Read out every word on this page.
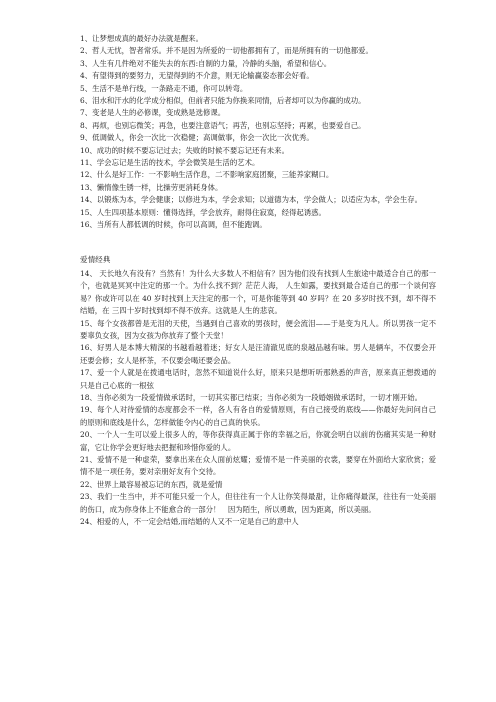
1、让梦想成真的最好办法就是醒来。

2、哲人无忧，智者常乐。并不是因为所爱的一切他都拥有了，而是所拥有的一切他都爱。

3、人生有几件绝对不能失去的东西:自制的力量，冷静的头脑，希望和信心。

4、有望得到的要努力，无望得到的不介意，则无论输赢姿态都会好看。

5、生活不是单行线，一条路走不通，你可以转弯。

6、泪水和汗水的化学成分相似，但前者只能为你换来同情，后者却可以为你赢的成功。

7、变老是人生的必修课，变成熟是选修课。

8、再烦，也别忘微笑；再急，也要注意语气；再苦，也别忘坚持；再累，也要爱自己。

9、低调做人，你会一次比一次稳健；高调做事，你会一次比一次优秀。

10、成功的时候不要忘记过去；失败的时候不要忘记还有未来。

11、学会忘记是生活的技术，学会微笑是生活的艺术。

12、什么是好工作：一不影响生活作息，二不影响家庭团聚，三能养家糊口。

13、懒惰像生锈一样，比操劳更消耗身体。

14、以锻炼为本，学会健康；以修进为本，学会求知；以道德为本，学会做人；以适应为本，学会生存。

15、人生四项基本原则：懂得选择，学会放弃，耐得住寂寞，经得起诱惑。

16、当所有人都低调的时候，你可以高调，但不能跑调。

爱情经典

14、 天长地久有没有？当然有！为什么大多数人不相信有？因为他们没有找到人生旅途中最适合自己的那一个，也就是冥冥中注定的那一个。为什么找不到？茫茫人海， 人生如露，要找到最合适自己的那一个谈何容易？你或许可以在 40 岁时找到上天注定的那一个，可是你能等到 40 岁吗？在 20 多岁时找不到，却不得不结婚，在 三四十岁时找到却不得不放弃。这就是人生的悲哀。

15、每个女孩都曾是无泪的天使，当遇到自己喜欢的男孩时，便会流泪——于是变为凡人。所以男孩一定不要辜负女孩，因为女孩为你放弃了整个天堂！

16、好男人是本博大精深的书越看越着迷；好女人是汪清澈见底的泉越品越有味。男人是辆车，不仅要会开还要会修；女人是杯茶，不仅要会喝还要会品。

17、爱一个人就是在拨通电话时，忽然不知道说什么好，原来只是想听听那熟悉的声音，原来真正想拨通的只是自己心底的一根弦

18、当你必须为一段爱情做承诺时，一切其实都已结束；当你必须为一段婚姻做承诺时，一切才刚开始。

19、每个人对待爱情的态度都会不一样，各人有各自的爱情原则，有自己接受的底线——你最好先问问自己的原则和底线是什么，怎样做能令内心的自己真的快乐。

20、一个人一生可以爱上很多人的，等你获得真正属于你的幸福之后，你就会明白以前的伤痛其实是一种财富，它让你学会更好地去把握和珍惜你爱的人。

21、爱情不是一种虚荣，要拿出来在众人面前炫耀；爱情不是一件美丽的衣裳，要穿在外面给大家欣赏；爱情不是一项任务，要对亲朋好友有个交待。

22、世界上最容易被忘记的东西，就是爱情

23、我们一生当中，并不可能只爱一个人，但往往有一个人让你笑得最甜，让你痛得最深，往往有一处美丽的伤口，成为你身体上不能愈合的一部分！　因为陌生，所以勇敢，因为距离，所以美丽。

24、相爱的人，不一定会结婚,而结婚的人又不一定是自己的意中人
